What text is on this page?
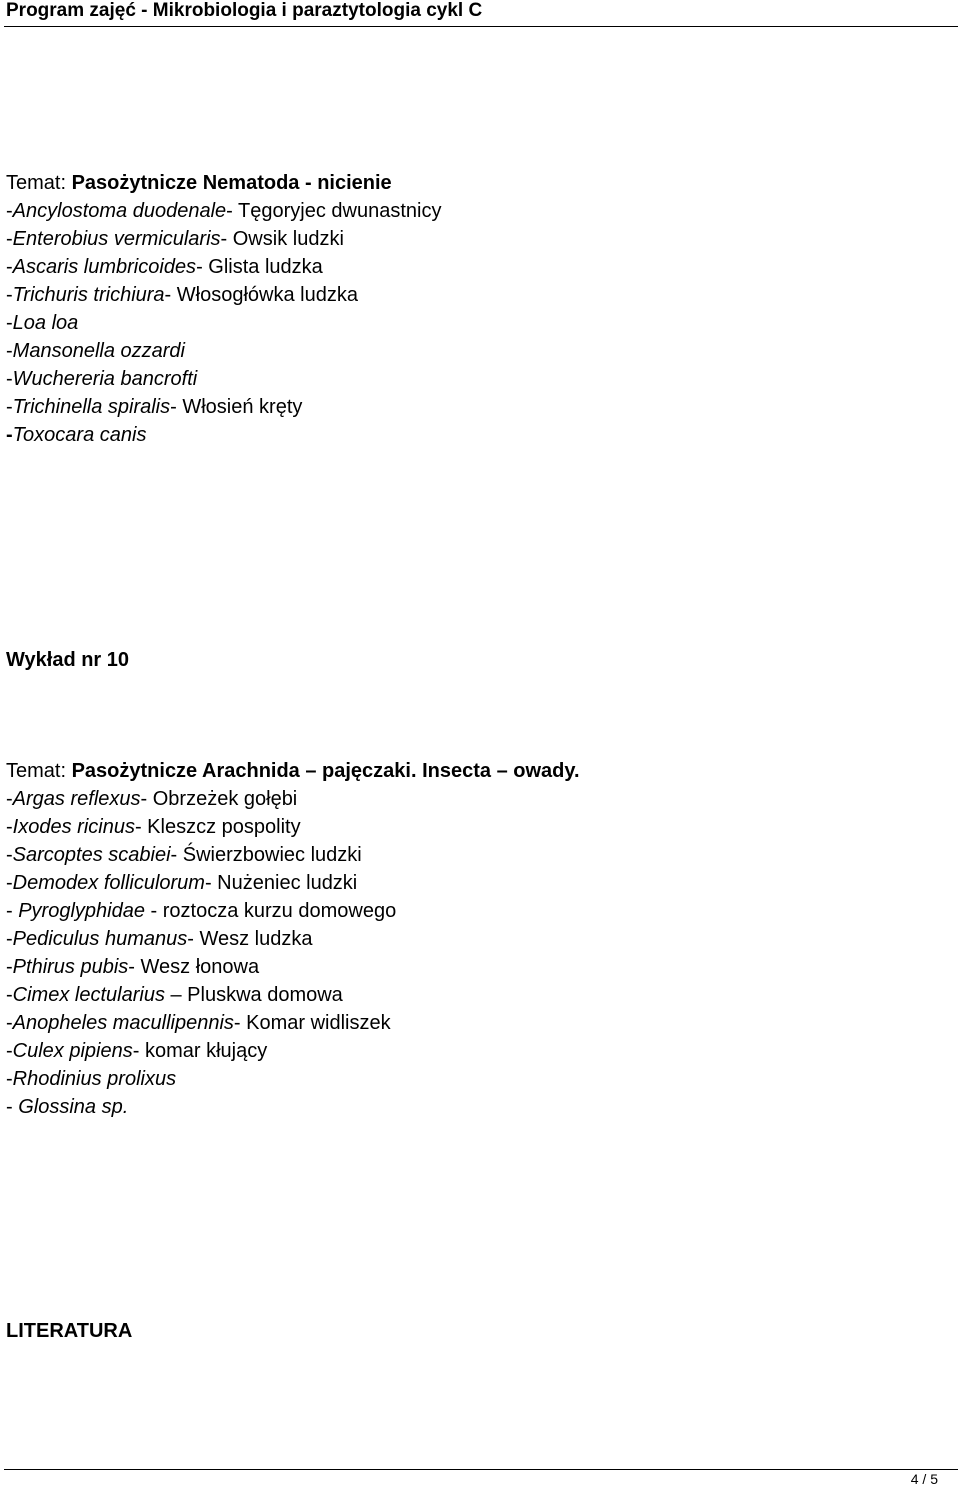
Program zajęć - Mikrobiologia i paraztytologia cykl C
Temat: Pasożytnicze Nematoda - nicienie
-Ancylostoma duodenale- Tęgoryjec dwunastnicy
-Enterobius vermicularis- Owsik ludzki
-Ascaris lumbricoides- Glista ludzka
-Trichuris trichiura- Włosogłówka ludzka
-Loa loa
-Mansonella ozzardi
-Wuchereria bancrofti
-Trichinella spiralis- Włosień kręty
-Toxocara canis
Wykład nr 10
Temat: Pasożytnicze Arachnida – pajęczaki. Insecta – owady.
-Argas reflexus- Obrzeżek gołębi
-Ixodes ricinus- Kleszcz pospolity
-Sarcoptes scabiei- Świerzbowiec ludzki
-Demodex folliculorum- Nużeniec ludzki
- Pyroglyphidae - roztocza kurzu domowego
-Pediculus humanus- Wesz ludzka
-Pthirus pubis- Wesz łonowa
-Cimex lectularius – Pluskwa domowa
-Anopheles macullipennis- Komar widliszek
-Culex pipiens- komar kłujący
-Rhodinius prolixus
- Glossina sp.
LITERATURA
4 / 5
